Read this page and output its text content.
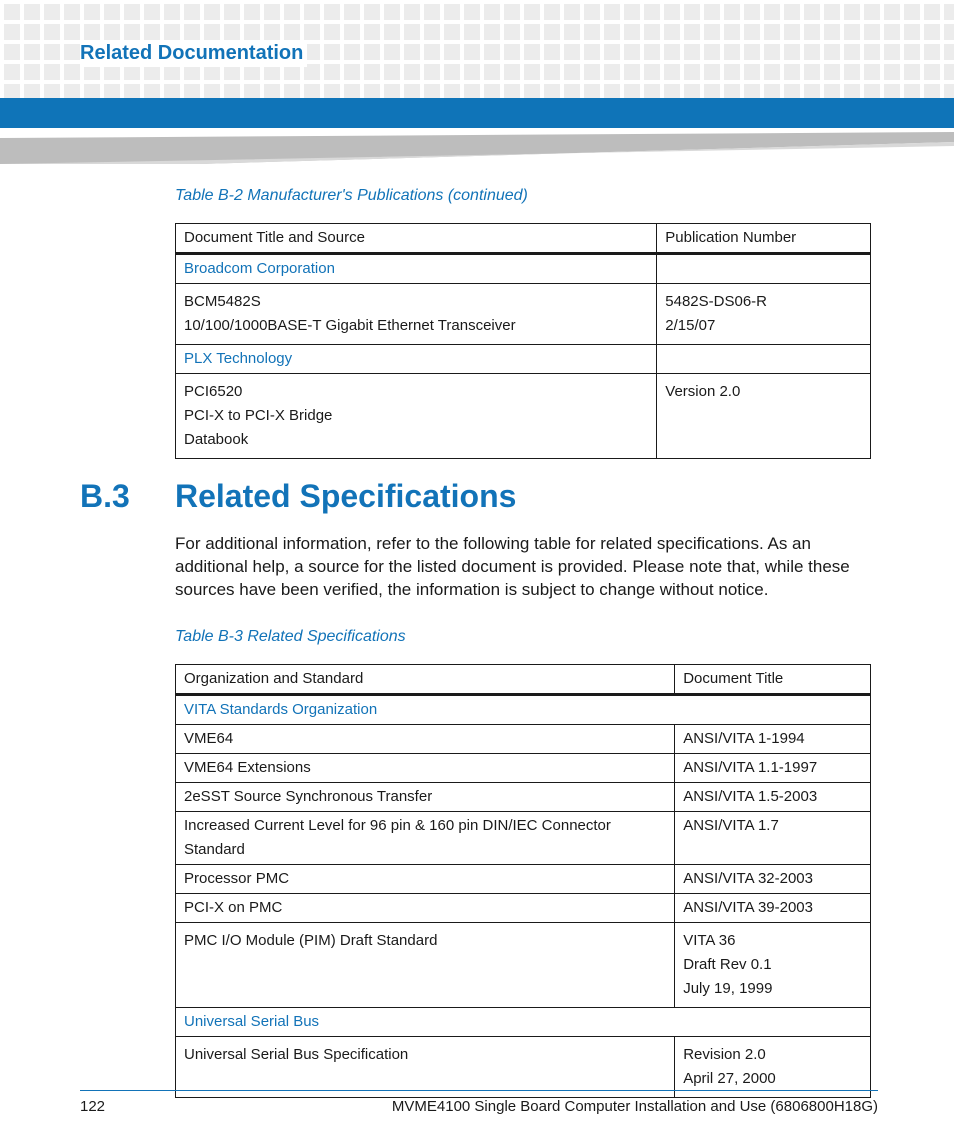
Related Documentation
Table B-2 Manufacturer's Publications (continued)
Document Title and Source	Publication Number
Broadcom Corporation	

BCM5482S
10/100/1000BASE-T Gigabit Ethernet Transceiver	5482S-DS06-R
2/15/07

PLX Technology	

PCI6520
PCI-X to PCI-X Bridge
Databook	Version 2.0
B.3 Related Specifications
For additional information, refer to the following table for related specifications. As an additional help, a source for the listed document is provided. Please note that, while these sources have been verified, the information is subject to change without notice.
Table B-3 Related Specifications
Organization and Standard	Document Title
VITA Standards Organization	

VME64	ANSI/VITA 1-1994

VME64 Extensions	ANSI/VITA 1.1-1997

2eSST Source Synchronous Transfer	ANSI/VITA 1.5-2003

Increased Current Level for 96 pin & 160 pin DIN/IEC Connector Standard	ANSI/VITA 1.7

Processor PMC	ANSI/VITA 32-2003

PCI-X on PMC	ANSI/VITA 39-2003

PMC I/O Module (PIM) Draft Standard	VITA 36
Draft Rev 0.1
July 19, 1999

Universal Serial Bus	

Universal Serial Bus Specification	Revision 2.0
April 27, 2000
122	MVME4100 Single Board Computer Installation and Use (6806800H18G)
